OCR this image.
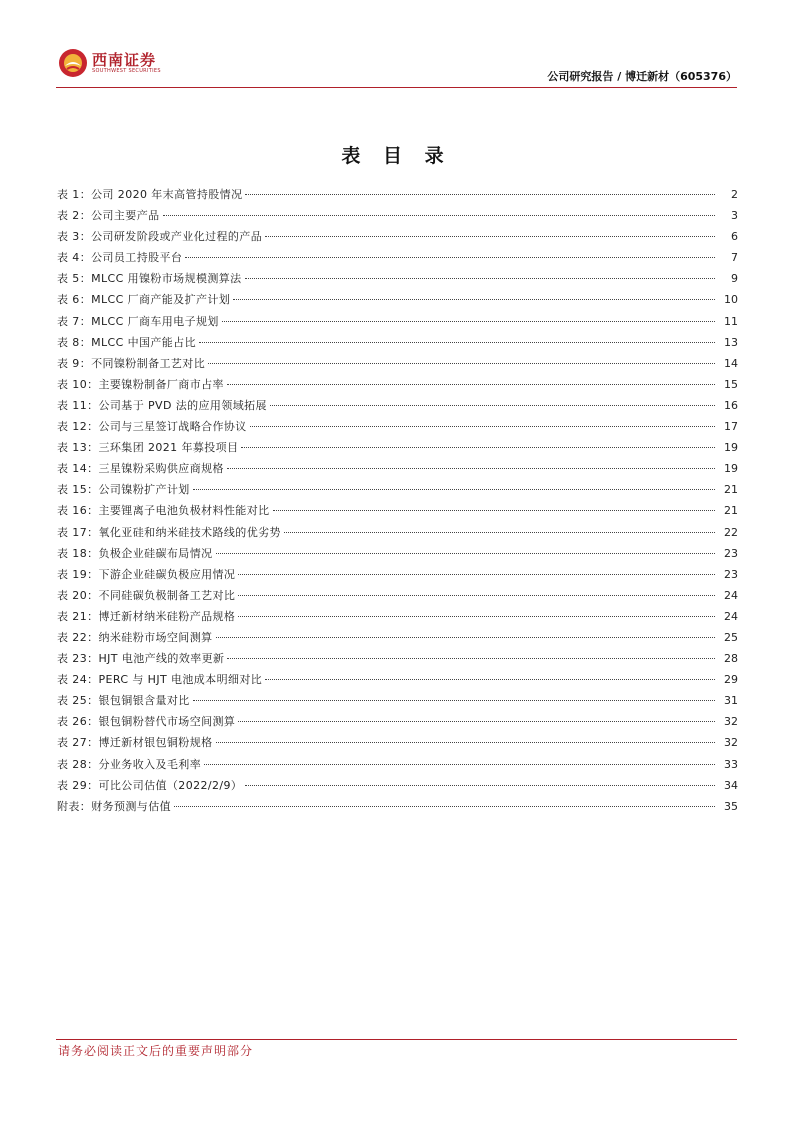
西南证券
SOUTHWEST SECURITIES	公司研究报告 / 博迁新材（605376）
表 目 录
表 1：公司 2020 年末高管持股情况	2
表 2：公司主要产品	3
表 3：公司研发阶段或产业化过程的产品	6
表 4：公司员工持股平台	7
表 5：MLCC 用镍粉市场规模测算法	9
表 6：MLCC 厂商产能及扩产计划	10
表 7：MLCC 厂商车用电子规划	11
表 8：MLCC 中国产能占比	13
表 9：不同镍粉制备工艺对比	14
表 10：主要镍粉制备厂商市占率	15
表 11：公司基于 PVD 法的应用领域拓展	16
表 12：公司与三星签订战略合作协议	17
表 13：三环集团 2021 年募投项目	19
表 14：三星镍粉采购供应商规格	19
表 15：公司镍粉扩产计划	21
表 16：主要锂离子电池负极材料性能对比	21
表 17：氧化亚硅和纳米硅技术路线的优劣势	22
表 18：负极企业硅碳布局情况	23
表 19：下游企业硅碳负极应用情况	23
表 20：不同硅碳负极制备工艺对比	24
表 21：博迁新材纳米硅粉产品规格	24
表 22：纳米硅粉市场空间测算	25
表 23：HJT 电池产线的效率更新	28
表 24：PERC 与 HJT 电池成本明细对比	29
表 25：银包铜银含量对比	31
表 26：银包铜粉替代市场空间测算	32
表 27：博迁新材银包铜粉规格	32
表 28：分业务收入及毛利率	33
表 29：可比公司估值（2022/2/9）	34
附表：财务预测与估值	35
请务必阅读正文后的重要声明部分
